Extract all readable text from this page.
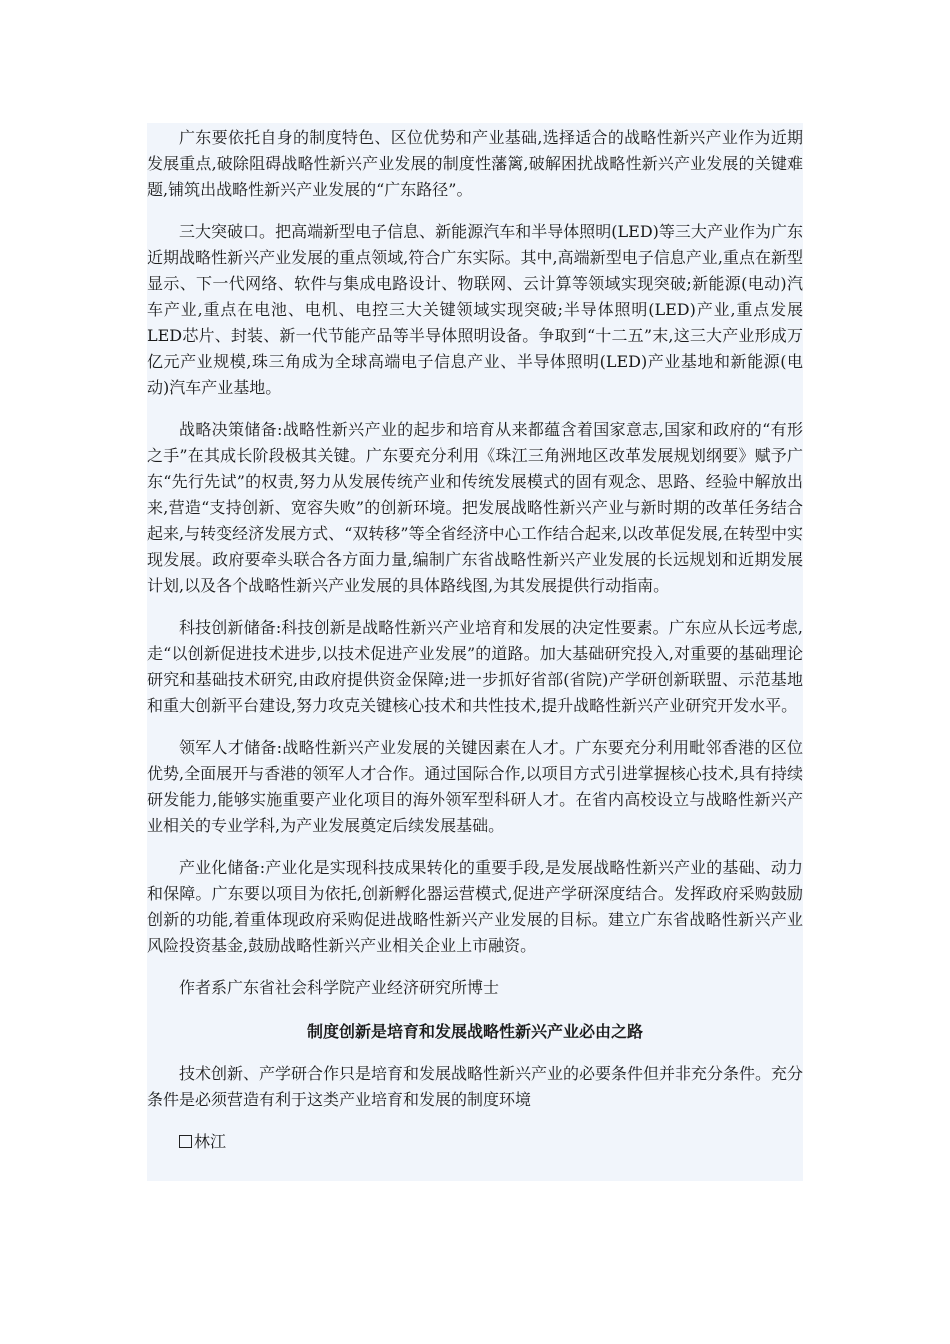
广东要依托自身的制度特色、区位优势和产业基础,选择适合的战略性新兴产业作为近期发展重点,破除阻碍战略性新兴产业发展的制度性藩篱,破解困扰战略性新兴产业发展的关键难题,铺筑出战略性新兴产业发展的“广东路径”。

三大突破口。把高端新型电子信息、新能源汽车和半导体照明(LED)等三大产业作为广东近期战略性新兴产业发展的重点领域,符合广东实际。其中,高端新型电子信息产业,重点在新型显示、下一代网络、软件与集成电路设计、物联网、云计算等领域实现突破;新能源(电动)汽车产业,重点在电池、电机、电控三大关键领域实现突破;半导体照明(LED)产业,重点发展LED芯片、封装、新一代节能产品等半导体照明设备。争取到“十二五”末,这三大产业形成万亿元产业规模,珠三角成为全球高端电子信息产业、半导体照明(LED)产业基地和新能源(电动)汽车产业基地。

战略决策储备:战略性新兴产业的起步和培育从来都蕴含着国家意志,国家和政府的“有形之手”在其成长阶段极其关键。广东要充分利用《珠江三角洲地区改革发展规划纲要》赋予广东“先行先试”的权责,努力从发展传统产业和传统发展模式的固有观念、思路、经验中解放出来,营造“支持创新、宽容失败”的创新环境。把发展战略性新兴产业与新时期的改革任务结合起来,与转变经济发展方式、“双转移”等全省经济中心工作结合起来,以改革促发展,在转型中实现发展。政府要牵头联合各方面力量,编制广东省战略性新兴产业发展的长远规划和近期发展计划,以及各个战略性新兴产业发展的具体路线图,为其发展提供行动指南。

科技创新储备:科技创新是战略性新兴产业培育和发展的决定性要素。广东应从长远考虑,走“以创新促进技术进步,以技术促进产业发展”的道路。加大基础研究投入,对重要的基础理论研究和基础技术研究,由政府提供资金保障;进一步抓好省部(省院)产学研创新联盟、示范基地和重大创新平台建设,努力攻克关键核心技术和共性技术,提升战略性新兴产业研究开发水平。

领军人才储备:战略性新兴产业发展的关键因素在人才。广东要充分利用毗邻香港的区位优势,全面展开与香港的领军人才合作。通过国际合作,以项目方式引进掌握核心技术,具有持续研发能力,能够实施重要产业化项目的海外领军型科研人才。在省内高校设立与战略性新兴产业相关的专业学科,为产业发展奠定后续发展基础。

产业化储备:产业化是实现科技成果转化的重要手段,是发展战略性新兴产业的基础、动力和保障。广东要以项目为依托,创新孵化器运营模式,促进产学研深度结合。发挥政府采购鼓励创新的功能,着重体现政府采购促进战略性新兴产业发展的目标。建立广东省战略性新兴产业风险投资基金,鼓励战略性新兴产业相关企业上市融资。

作者系广东省社会科学院产业经济研究所博士

制度创新是培育和发展战略性新兴产业必由之路

技术创新、产学研合作只是培育和发展战略性新兴产业的必要条件但并非充分条件。充分条件是必须营造有利于这类产业培育和发展的制度环境

林江
